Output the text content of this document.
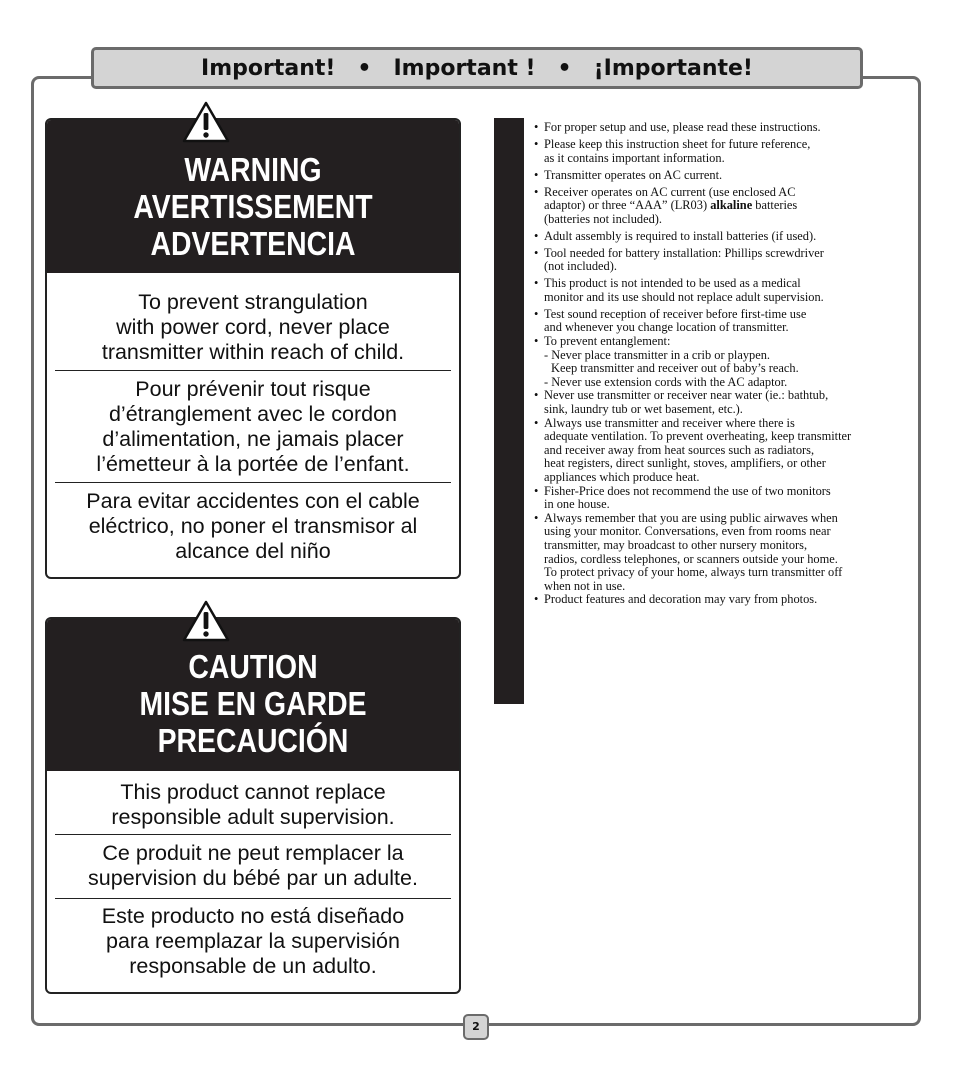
Important! • Important ! • ¡Importante!
WARNING
AVERTISSEMENT
ADVERTENCIA
To prevent strangulation
with power cord, never place
transmitter within reach of child.
Pour prévenir tout risque
d’étranglement avec le cordon
d’alimentation, ne jamais placer
l’émetteur à la portée de l’enfant.
Para evitar accidentes con el cable
eléctrico, no poner el transmisor al
alcance del niño
CAUTION
MISE EN GARDE
PRECAUCIÓN
This product cannot replace
responsible adult supervision.
Ce produit ne peut remplacer la
supervision du bébé par un adulte.
Este producto no está diseñado
para reemplazar la supervisión
responsable de un adulto.
• For proper setup and use, please read these instructions.
• Please keep this instruction sheet for future reference,
as it contains important information.
• Transmitter operates on AC current.
• Receiver operates on AC current (use enclosed AC
adaptor) or three “AAA” (LR03) alkaline batteries
(batteries not included).
• Adult assembly is required to install batteries (if used).
• Tool needed for battery installation: Phillips screwdriver
(not included).
• This product is not intended to be used as a medical
monitor and its use should not replace adult supervision.
• Test sound reception of receiver before first-time use
and whenever you change location of transmitter.
• To prevent entanglement:
- Never place transmitter in a crib or playpen.
Keep transmitter and receiver out of baby’s reach.
- Never use extension cords with the AC adaptor.
• Never use transmitter or receiver near water (ie.: bathtub,
sink, laundry tub or wet basement, etc.).
• Always use transmitter and receiver where there is
adequate ventilation. To prevent overheating, keep transmitter
and receiver away from heat sources such as radiators,
heat registers, direct sunlight, stoves, amplifiers, or other
appliances which produce heat.
• Fisher-Price does not recommend the use of two monitors
in one house.
• Always remember that you are using public airwaves when
using your monitor. Conversations, even from rooms near
transmitter, may broadcast to other nursery monitors,
radios, cordless telephones, or scanners outside your home.
To protect privacy of your home, always turn transmitter off
when not in use.
• Product features and decoration may vary from photos.
2
